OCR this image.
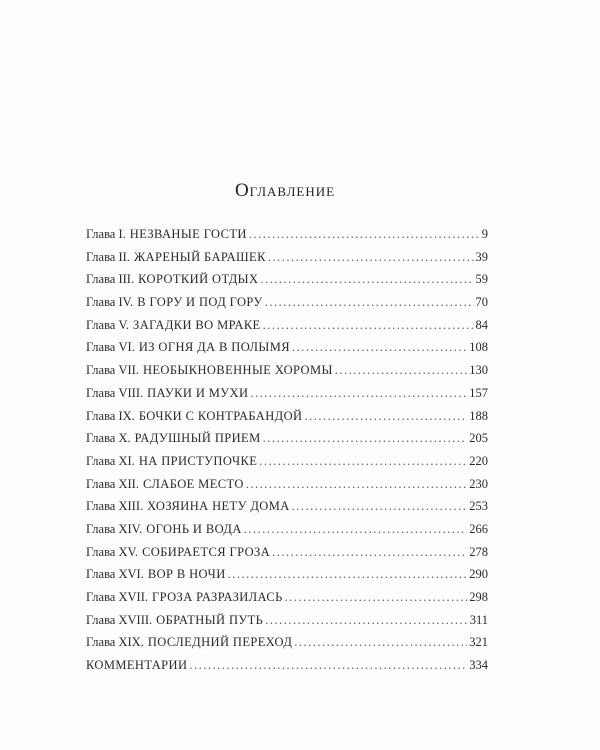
Оглавление
Глава I. НЕЗВАНЫЕ ГОСТИ .....	9
Глава II. ЖАРЕНЫЙ БАРАШЕК .....	39
Глава III. КОРОТКИЙ ОТДЫХ .....	59
Глава IV. В ГОРУ И ПОД ГОРУ .....	70
Глава V. ЗАГАДКИ ВО МРАКЕ .....	84
Глава VI. ИЗ ОГНЯ ДА В ПОЛЫМЯ .....	108
Глава VII. НЕОБЫКНОВЕННЫЕ ХОРОМЫ .....	130
Глава VIII. ПАУКИ И МУХИ .....	157
Глава IX. БОЧКИ С КОНТРАБАНДОЙ .....	188
Глава X. РАДУШНЫЙ ПРИЕМ .....	205
Глава XI. НА ПРИСТУПОЧКЕ .....	220
Глава XII. СЛАБОЕ МЕСТО .....	230
Глава XIII. ХОЗЯИНА НЕТУ ДОМА .....	253
Глава XIV. ОГОНЬ И ВОДА .....	266
Глава XV. СОБИРАЕТСЯ ГРОЗА .....	278
Глава XVI. ВОР В НОЧИ .....	290
Глава XVII. ГРОЗА РАЗРАЗИЛАСЬ .....	298
Глава XVIII. ОБРАТНЫЙ ПУТЬ .....	311
Глава XIX. ПОСЛЕДНИЙ ПЕРЕХОД .....	321
КОММЕНТАРИИ .....	334
